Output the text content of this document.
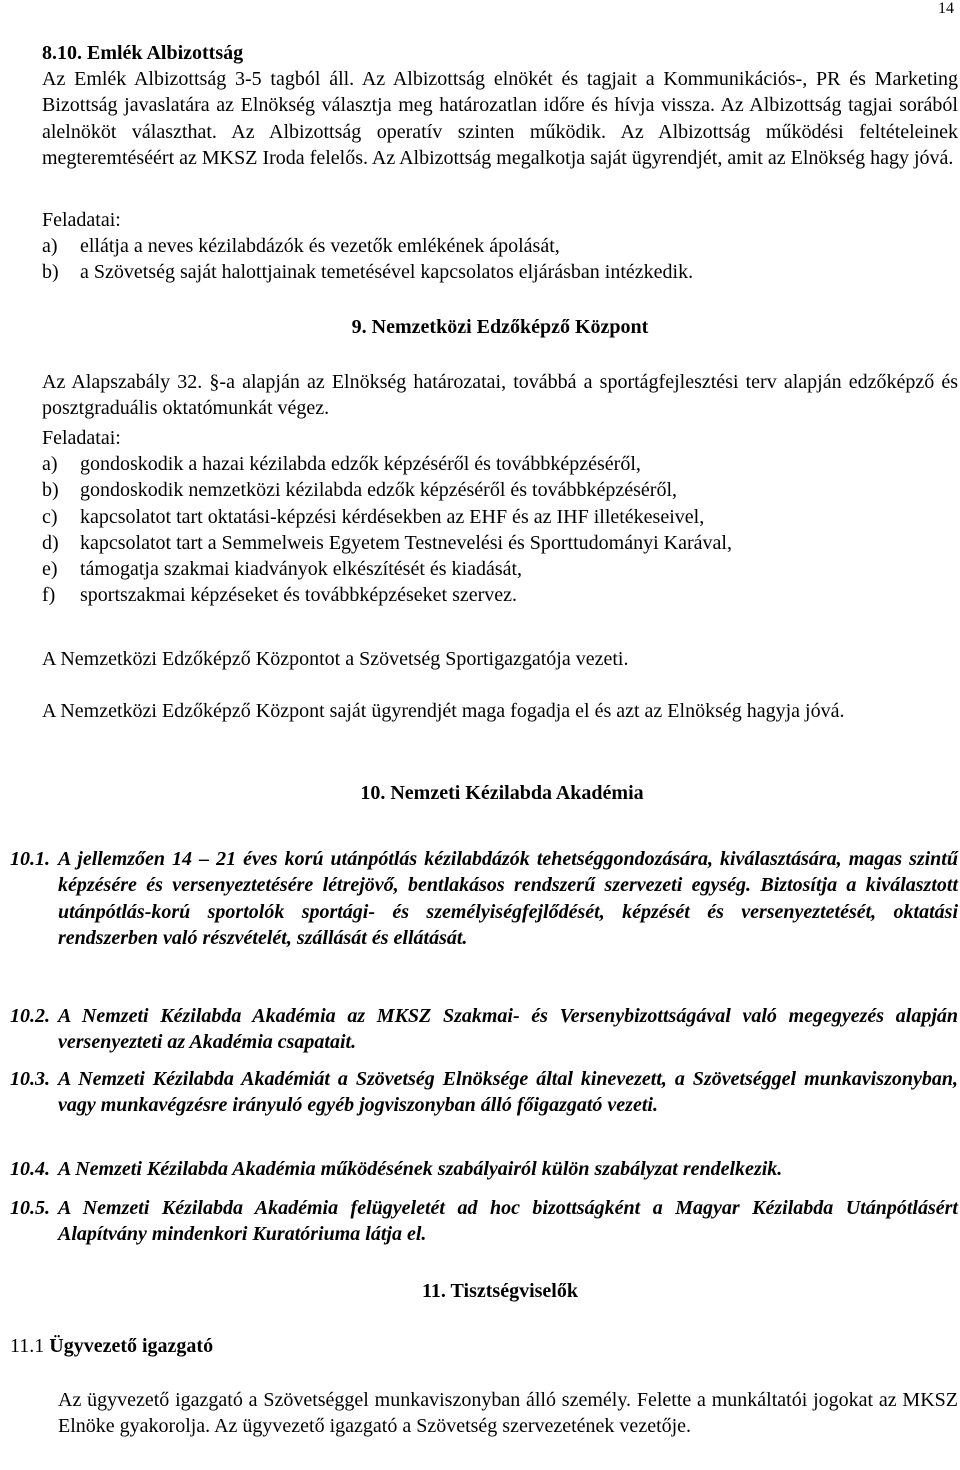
14
8.10. Emlék Albizottság
Az Emlék Albizottság 3-5 tagból áll. Az Albizottság elnökét és tagjait a Kommunikációs-, PR és Marketing Bizottság javaslatára az Elnökség választja meg határozatlan időre és hívja vissza. Az Albizottság tagjai sorából alelnököt választhat. Az Albizottság operatív szinten működik. Az Albizottság működési feltételeinek megteremtéséért az MKSZ Iroda felelős. Az Albizottság megalkotja saját ügyrendjét, amit az Elnökség hagy jóvá.
Feladatai:
a)	ellátja a neves kézilabdázók és vezetők emlékének ápolását,
b)	a Szövetség saját halottjainak temetésével kapcsolatos eljárásban intézkedik.
9. Nemzetközi Edzőképző Központ
Az Alapszabály 32. §-a alapján az Elnökség határozatai, továbbá a sportágfejlesztési terv alapján edzőképző és posztgraduális oktatómunkát végez.
Feladatai:
a)	gondoskodik a hazai kézilabda edzők képzéséről és továbbképzéséről,
b)	gondoskodik nemzetközi kézilabda edzők képzéséről és továbbképzéséről,
c)	kapcsolatot tart oktatási-képzési kérdésekben az EHF és az IHF illetékeseivel,
d)	kapcsolatot tart a Semmelweis Egyetem Testnevelési és Sporttudományi Karával,
e)	támogatja szakmai kiadványok elkészítését és kiadását,
f)	sportszakmai képzéseket és továbbképzéseket szervez.
A Nemzetközi Edzőképző Központot a Szövetség Sportigazgatója vezeti.
A Nemzetközi Edzőképző Központ saját ügyrendjét maga fogadja el és azt az Elnökség hagyja jóvá.
10. Nemzeti Kézilabda Akadémia
10.1. A jellemzően 14 – 21 éves korú utánpótlás kézilabdázók tehetséggondozására, kiválasztására, magas szintű képzésére és versenyeztetésére létrejövő, bentlakásos rendszerű szervezeti egység. Biztosítja a kiválasztott utánpótlás-korú sportolók sportági- és személyiségfejlődését, képzését és versenyeztetését, oktatási rendszerben való részvételét, szállását és ellátását.
10.2. A Nemzeti Kézilabda Akadémia az MKSZ Szakmai- és Versenybizottságával való megegyezés alapján versenyezteti az Akadémia csapatait.
10.3. A Nemzeti Kézilabda Akadémiát a Szövetség Elnöksége által kinevezett, a Szövetséggel munkaviszonyban, vagy munkavégzésre irányuló egyéb jogviszonyban álló főigazgató vezeti.
10.4. A Nemzeti Kézilabda Akadémia működésének szabályairól külön szabályzat rendelkezik.
10.5. A Nemzeti Kézilabda Akadémia felügyeletét ad hoc bizottságként a Magyar Kézilabda Utánpótlásért Alapítvány mindenkori Kuratóriuma látja el.
11. Tisztségviselők
11.1 Ügyvezető igazgató
Az ügyvezető igazgató a Szövetséggel munkaviszonyban álló személy. Felette a munkáltatói jogokat az MKSZ Elnöke gyakorolja. Az ügyvezető igazgató a Szövetség szervezetének vezetője.
